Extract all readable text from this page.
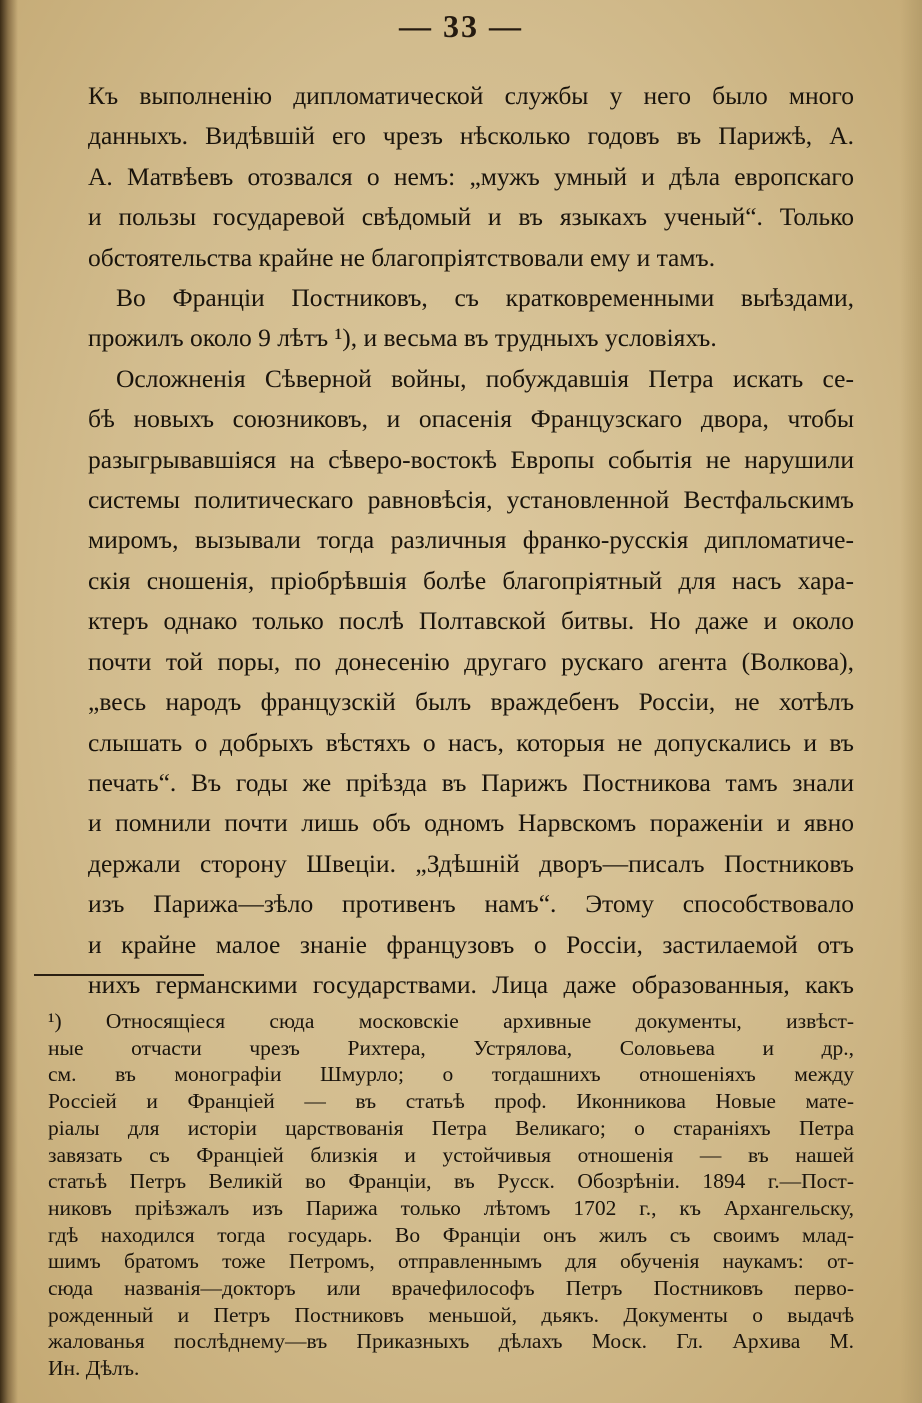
— 33 —
Къ выполненію дипломатической службы у него было много
данныхъ. Видѣвшій его чрезъ нѣсколько годовъ въ Парижѣ, А.
А. Матвѣевъ отозвался о немъ: „мужъ умный и дѣла европскаго
и пользы государевой свѣдомый и въ языкахъ ученый“. Только
обстоятельства крайне не благопріятствовали ему и тамъ.
Во Франціи Постниковъ, съ кратковременными выѣздами,
прожилъ около 9 лѣтъ ¹), и весьма въ трудныхъ условіяхъ.
Осложненія Сѣверной войны, побуждавшія Петра искать се-
бѣ новыхъ союзниковъ, и опасенія Французскаго двора, чтобы
разыгрывавшіяся на сѣверо-востокѣ Европы событія не нарушили
системы политическаго равновѣсія, установленной Вестфальскимъ
миромъ, вызывали тогда различныя франко-русскія дипломатиче-
скія сношенія, пріобрѣвшія болѣе благопріятный для насъ хара-
ктеръ однако только послѣ Полтавской битвы. Но даже и около
почти той поры, по донесенію другаго рускаго агента (Волкова),
„весь народъ французскій былъ враждебенъ Россіи, не хотѣлъ
слышать о добрыхъ вѣстяхъ о насъ, которыя не допускались и въ
печать“. Въ годы же пріѣзда въ Парижъ Постникова тамъ знали
и помнили почти лишь объ одномъ Нарвскомъ пораженіи и явно
держали сторону Швеціи. „Здѣшній дворъ—писалъ Постниковъ
изъ Парижа—зѣло противенъ намъ“. Этому способствовало
и крайне малое знаніе французовъ о Россіи, застилаемой отъ
нихъ германскими государствами. Лица даже образованныя, какъ
¹) Относящіеся сюда московскіе архивные документы, извѣст-
ные отчасти чрезъ Рихтера, Устрялова, Соловьева и др.,
см. въ монографіи Шмурло; о тогдашнихъ отношеніяхъ между
Россіей и Франціей — въ статьѣ проф. Иконникова Новые мате-
ріалы для исторіи царствованія Петра Великаго; о стараніяхъ Петра
завязать съ Франціей близкія и устойчивыя отношенія — въ нашей
статьѣ Петръ Великій во Франціи, въ Русск. Обозрѣніи. 1894 г.—Пост-
никовъ пріѣзжалъ изъ Парижа только лѣтомъ 1702 г., къ Архангельску,
гдѣ находился тогда государь. Во Франціи онъ жилъ съ своимъ млад-
шимъ братомъ тоже Петромъ, отправленнымъ для обученія наукамъ: от-
сюда названія—докторъ или врачефилософъ Петръ Постниковъ перво-
рожденный и Петръ Постниковъ меньшой, дьякъ. Документы о выдачѣ
жалованья послѣднему—въ Приказныхъ дѣлахъ Моск. Гл. Архива М.
Ин. Дѣлъ.
